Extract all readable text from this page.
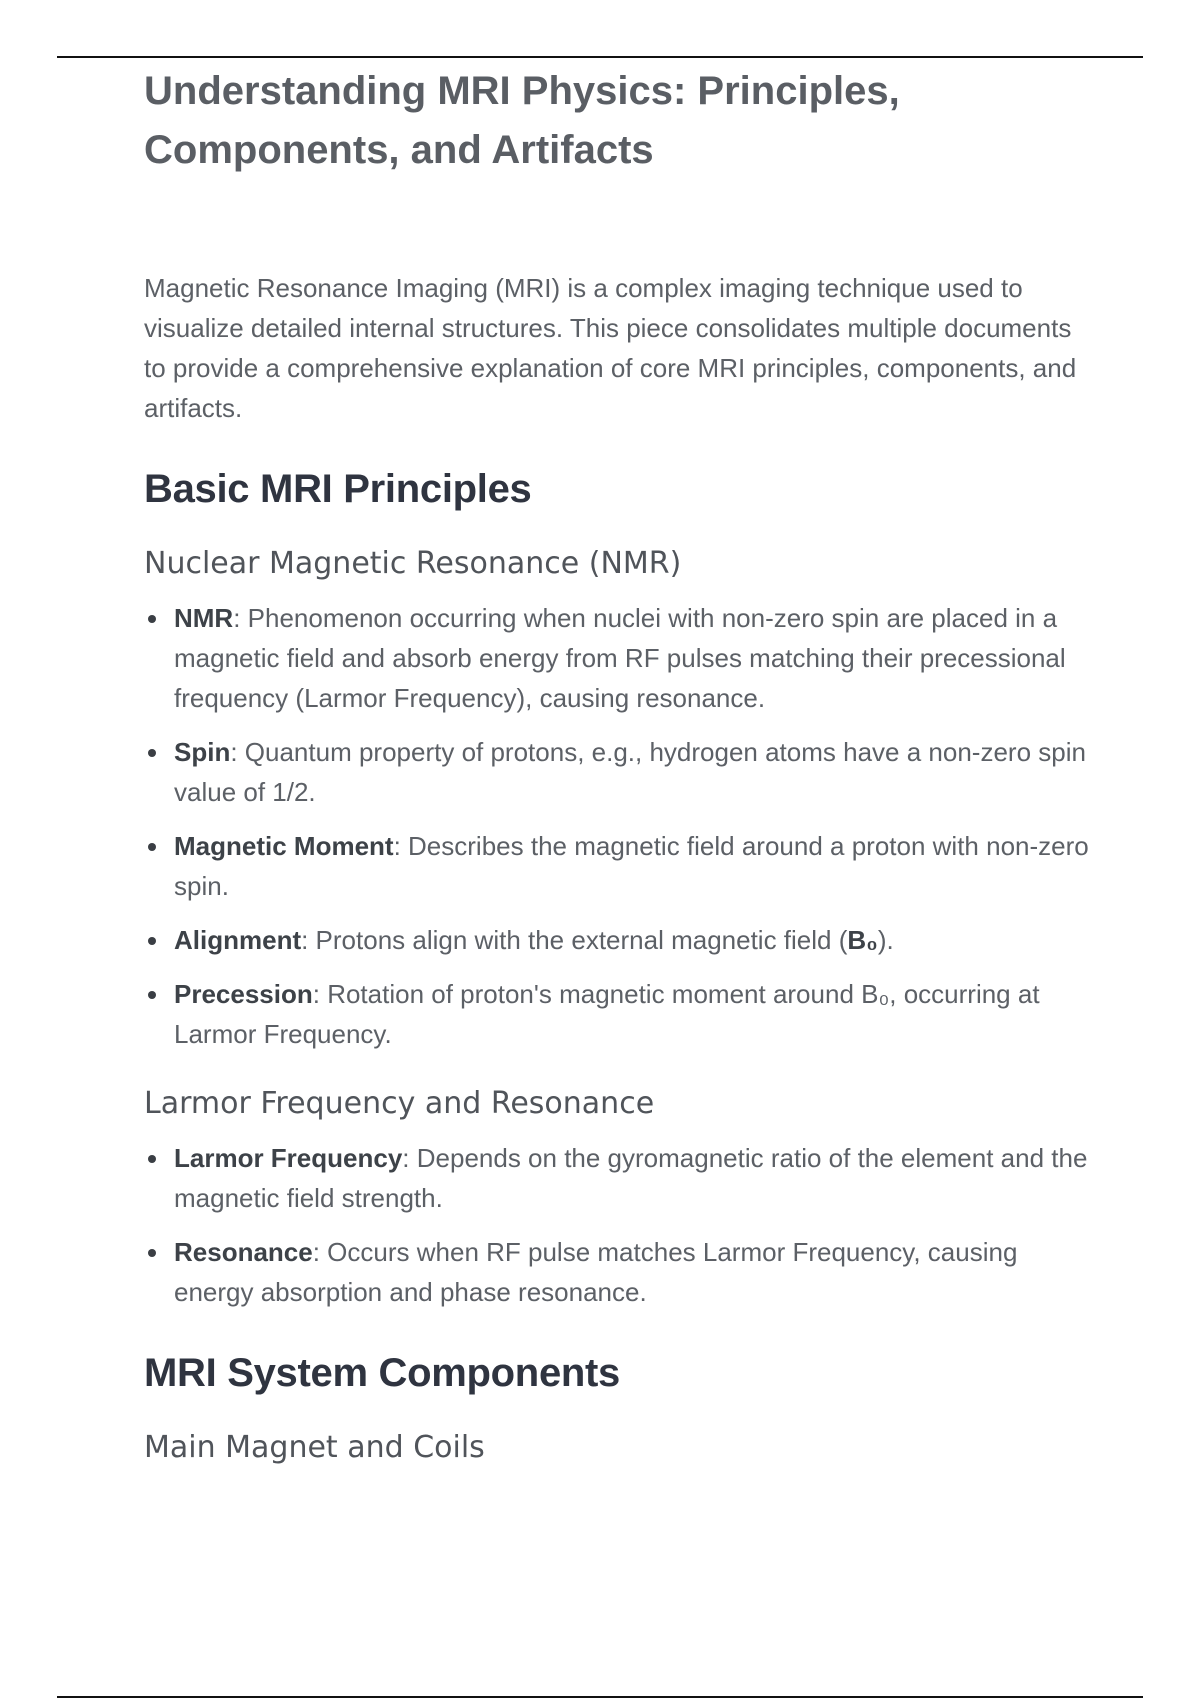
Understanding MRI Physics: Principles, Components, and Artifacts

Magnetic Resonance Imaging (MRI) is a complex imaging technique used to visualize detailed internal structures. This piece consolidates multiple documents to provide a comprehensive explanation of core MRI principles, components, and artifacts.

Basic MRI Principles
Nuclear Magnetic Resonance (NMR)
NMR: Phenomenon occurring when nuclei with non-zero spin are placed in a magnetic field and absorb energy from RF pulses matching their precessional frequency (Larmor Frequency), causing resonance.
Spin: Quantum property of protons, e.g., hydrogen atoms have a non-zero spin value of 1/2.
Magnetic Moment: Describes the magnetic field around a proton with non-zero spin.
Alignment: Protons align with the external magnetic field (B₀).
Precession: Rotation of proton's magnetic moment around B₀, occurring at Larmor Frequency.
Larmor Frequency and Resonance
Larmor Frequency: Depends on the gyromagnetic ratio of the element and the magnetic field strength.
Resonance: Occurs when RF pulse matches Larmor Frequency, causing energy absorption and phase resonance.
MRI System Components
Main Magnet and Coils
